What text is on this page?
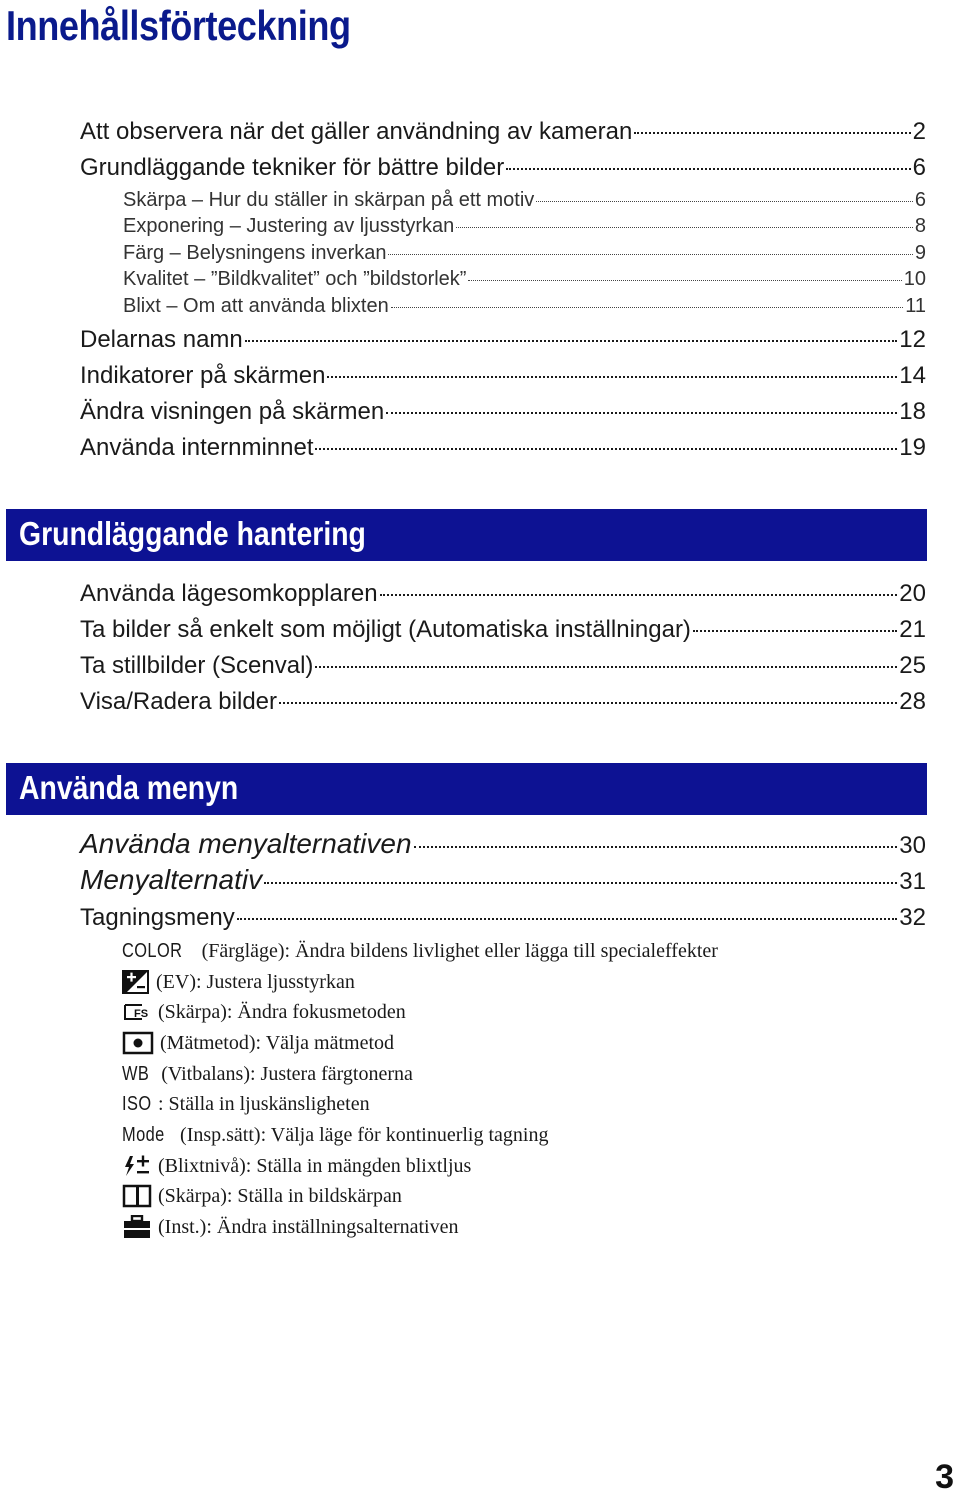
Innehållsförteckning
Att observera när det gäller användning av kameran	2
Grundläggande tekniker för bättre bilder	6
Skärpa – Hur du ställer in skärpan på ett motiv	6
Exponering – Justering av ljusstyrkan	8
Färg – Belysningens inverkan	9
Kvalitet – ”Bildkvalitet” och ”bildstorlek”	10
Blixt – Om att använda blixten	11
Delarnas namn	12
Indikatorer på skärmen	14
Ändra visningen på skärmen	18
Använda internminnet	19
Grundläggande hantering
Använda lägesomkopplaren	20
Ta bilder så enkelt som möjligt (Automatiska inställningar)	21
Ta stillbilder (Scenval)	25
Visa/Radera bilder	28
Använda menyn
Använda menyalternativen	30
Menyalternativ	31
Tagningsmeny	32
COLOR (Färgläge): Ändra bildens livlighet eller lägga till specialeffekter
(EV): Justera ljusstyrkan
FS (Skärpa): Ändra fokusmetoden
(Mätmetod): Välja mätmetod
WB (Vitbalans): Justera färgtonerna
ISO : Ställa in ljuskänsligheten
Mode (Insp.sätt): Välja läge för kontinuerlig tagning
(Blixtnivå): Ställa in mängden blixtljus
(Skärpa): Ställa in bildskärpan
(Inst.): Ändra inställningsalternativen
3
